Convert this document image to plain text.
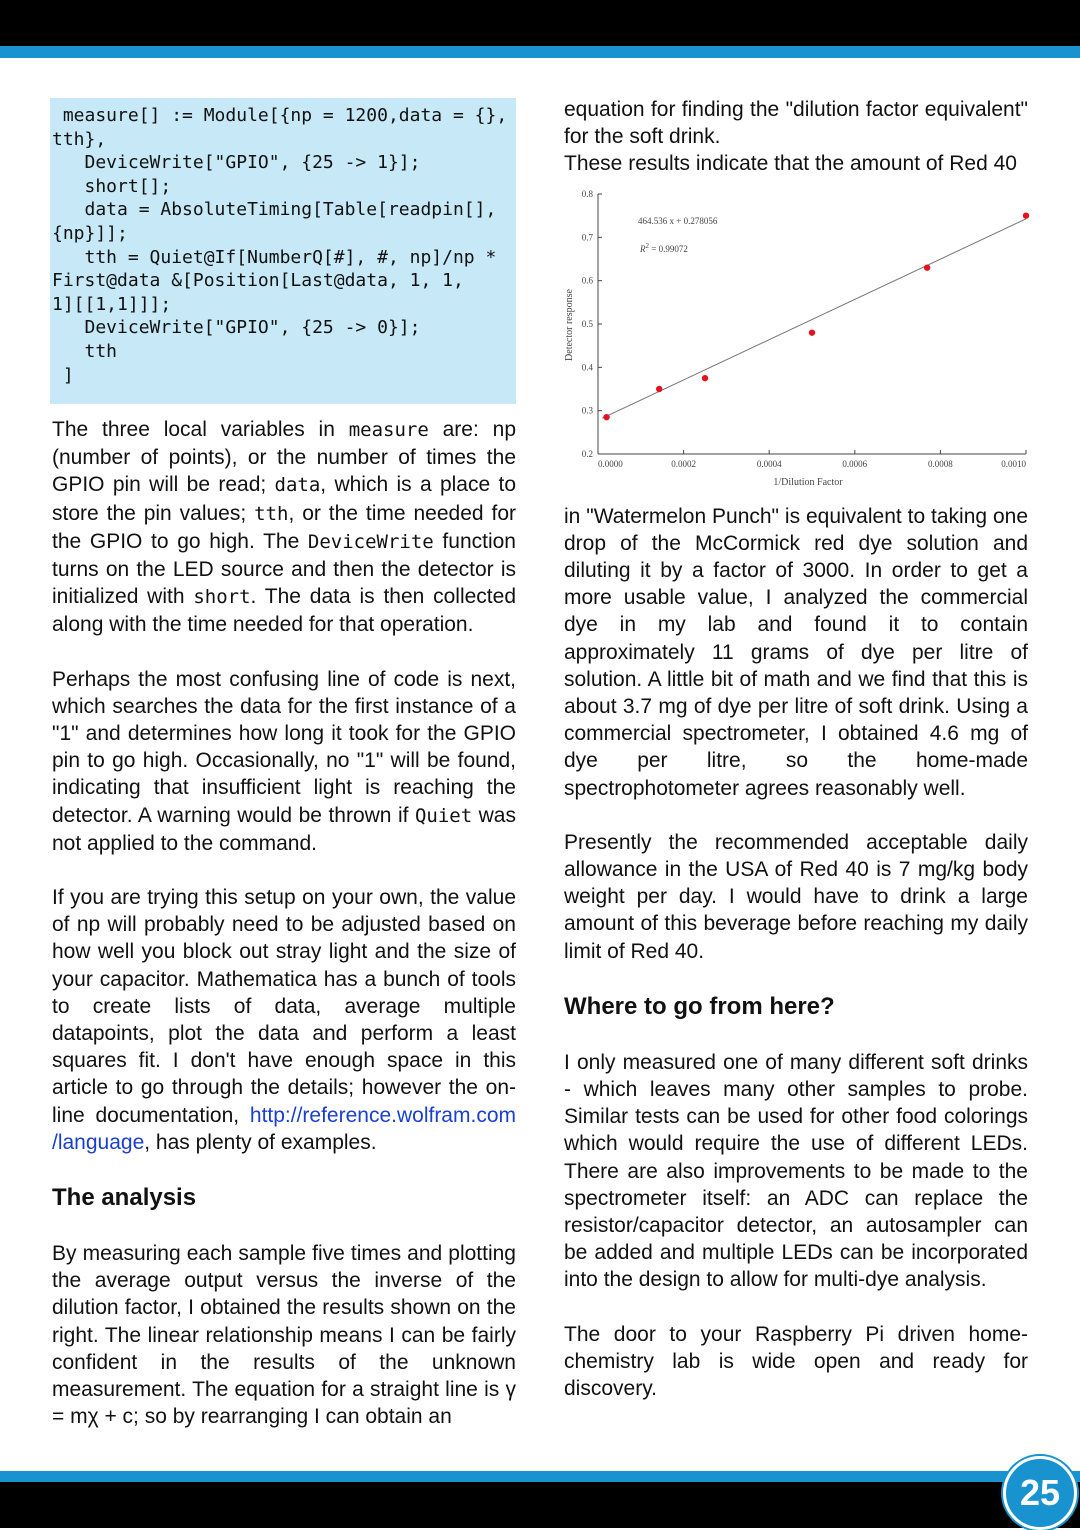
measure[] := Module[{np = 1200,data = {},
tth},
DeviceWrite["GPIO", {25 -> 1}];
short[];
data = AbsoluteTiming[Table[readpin[],
{np}]];
tth = Quiet@If[NumberQ[#], #, np]/np *
First@data &[Position[Last@data, 1, 1,
1][[1,1]]];
DeviceWrite["GPIO", {25 -> 0}];
tth
]

The three local variables in measure are: np (number of points), or the number of times the GPIO pin will be read; data, which is a place to store the pin values; tth, or the time needed for the GPIO to go high. The DeviceWrite function turns on the LED source and then the detector is initialized with short. The data is then collected along with the time needed for that operation.

Perhaps the most confusing line of code is next, which searches the data for the first instance of a "1" and determines how long it took for the GPIO pin to go high. Occasionally, no "1" will be found, indicating that insufficient light is reaching the detector. A warning would be thrown if Quiet was not applied to the command.

If you are trying this setup on your own, the value of np will probably need to be adjusted based on how well you block out stray light and the size of your capacitor. Mathematica has a bunch of tools to create lists of data, average multiple datapoints, plot the data and perform a least squares fit. I don't have enough space in this article to go through the details; however the on-line documentation, http://reference.wolfram.com /language, has plenty of examples.

The analysis

By measuring each sample five times and plotting the average output versus the inverse of the dilution factor, I obtained the results shown on the right. The linear relationship means I can be fairly confident in the results of the unknown measurement. The equation for a straight line is γ = mχ + c; so by rearranging I can obtain an

equation for finding the "dilution factor equivalent" for the soft drink.

These results indicate that the amount of Red 40

in "Watermelon Punch" is equivalent to taking one drop of the McCormick red dye solution and diluting it by a factor of 3000. In order to get a more usable value, I analyzed the commercial dye in my lab and found it to contain approximately 11 grams of dye per litre of solution. A little bit of math and we find that this is about 3.7 mg of dye per litre of soft drink. Using a commercial spectrometer, I obtained 4.6 mg of dye per litre, so the home-made spectrophotometer agrees reasonably well.

Presently the recommended acceptable daily allowance in the USA of Red 40 is 7 mg/kg body weight per day. I would have to drink a large amount of this beverage before reaching my daily limit of Red 40.

Where to go from here?

I only measured one of many different soft drinks - which leaves many other samples to probe. Similar tests can be used for other food colorings which would require the use of different LEDs. There are also improvements to be made to the spectrometer itself: an ADC can replace the resistor/capacitor detector, an autosampler can be added and multiple LEDs can be incorporated into the design to allow for multi-dye analysis.

The door to your Raspberry Pi driven home-chemistry lab is wide open and ready for discovery.

0.2
0.3
0.4
0.5
0.6
0.7
0.8
0.0000	0.0002	0.0004	0.0006	0.0008	0.0010
464.536 x + 0.278056
$R^2 = 0.99072$
1/Dilution Factor
Detector response
25
